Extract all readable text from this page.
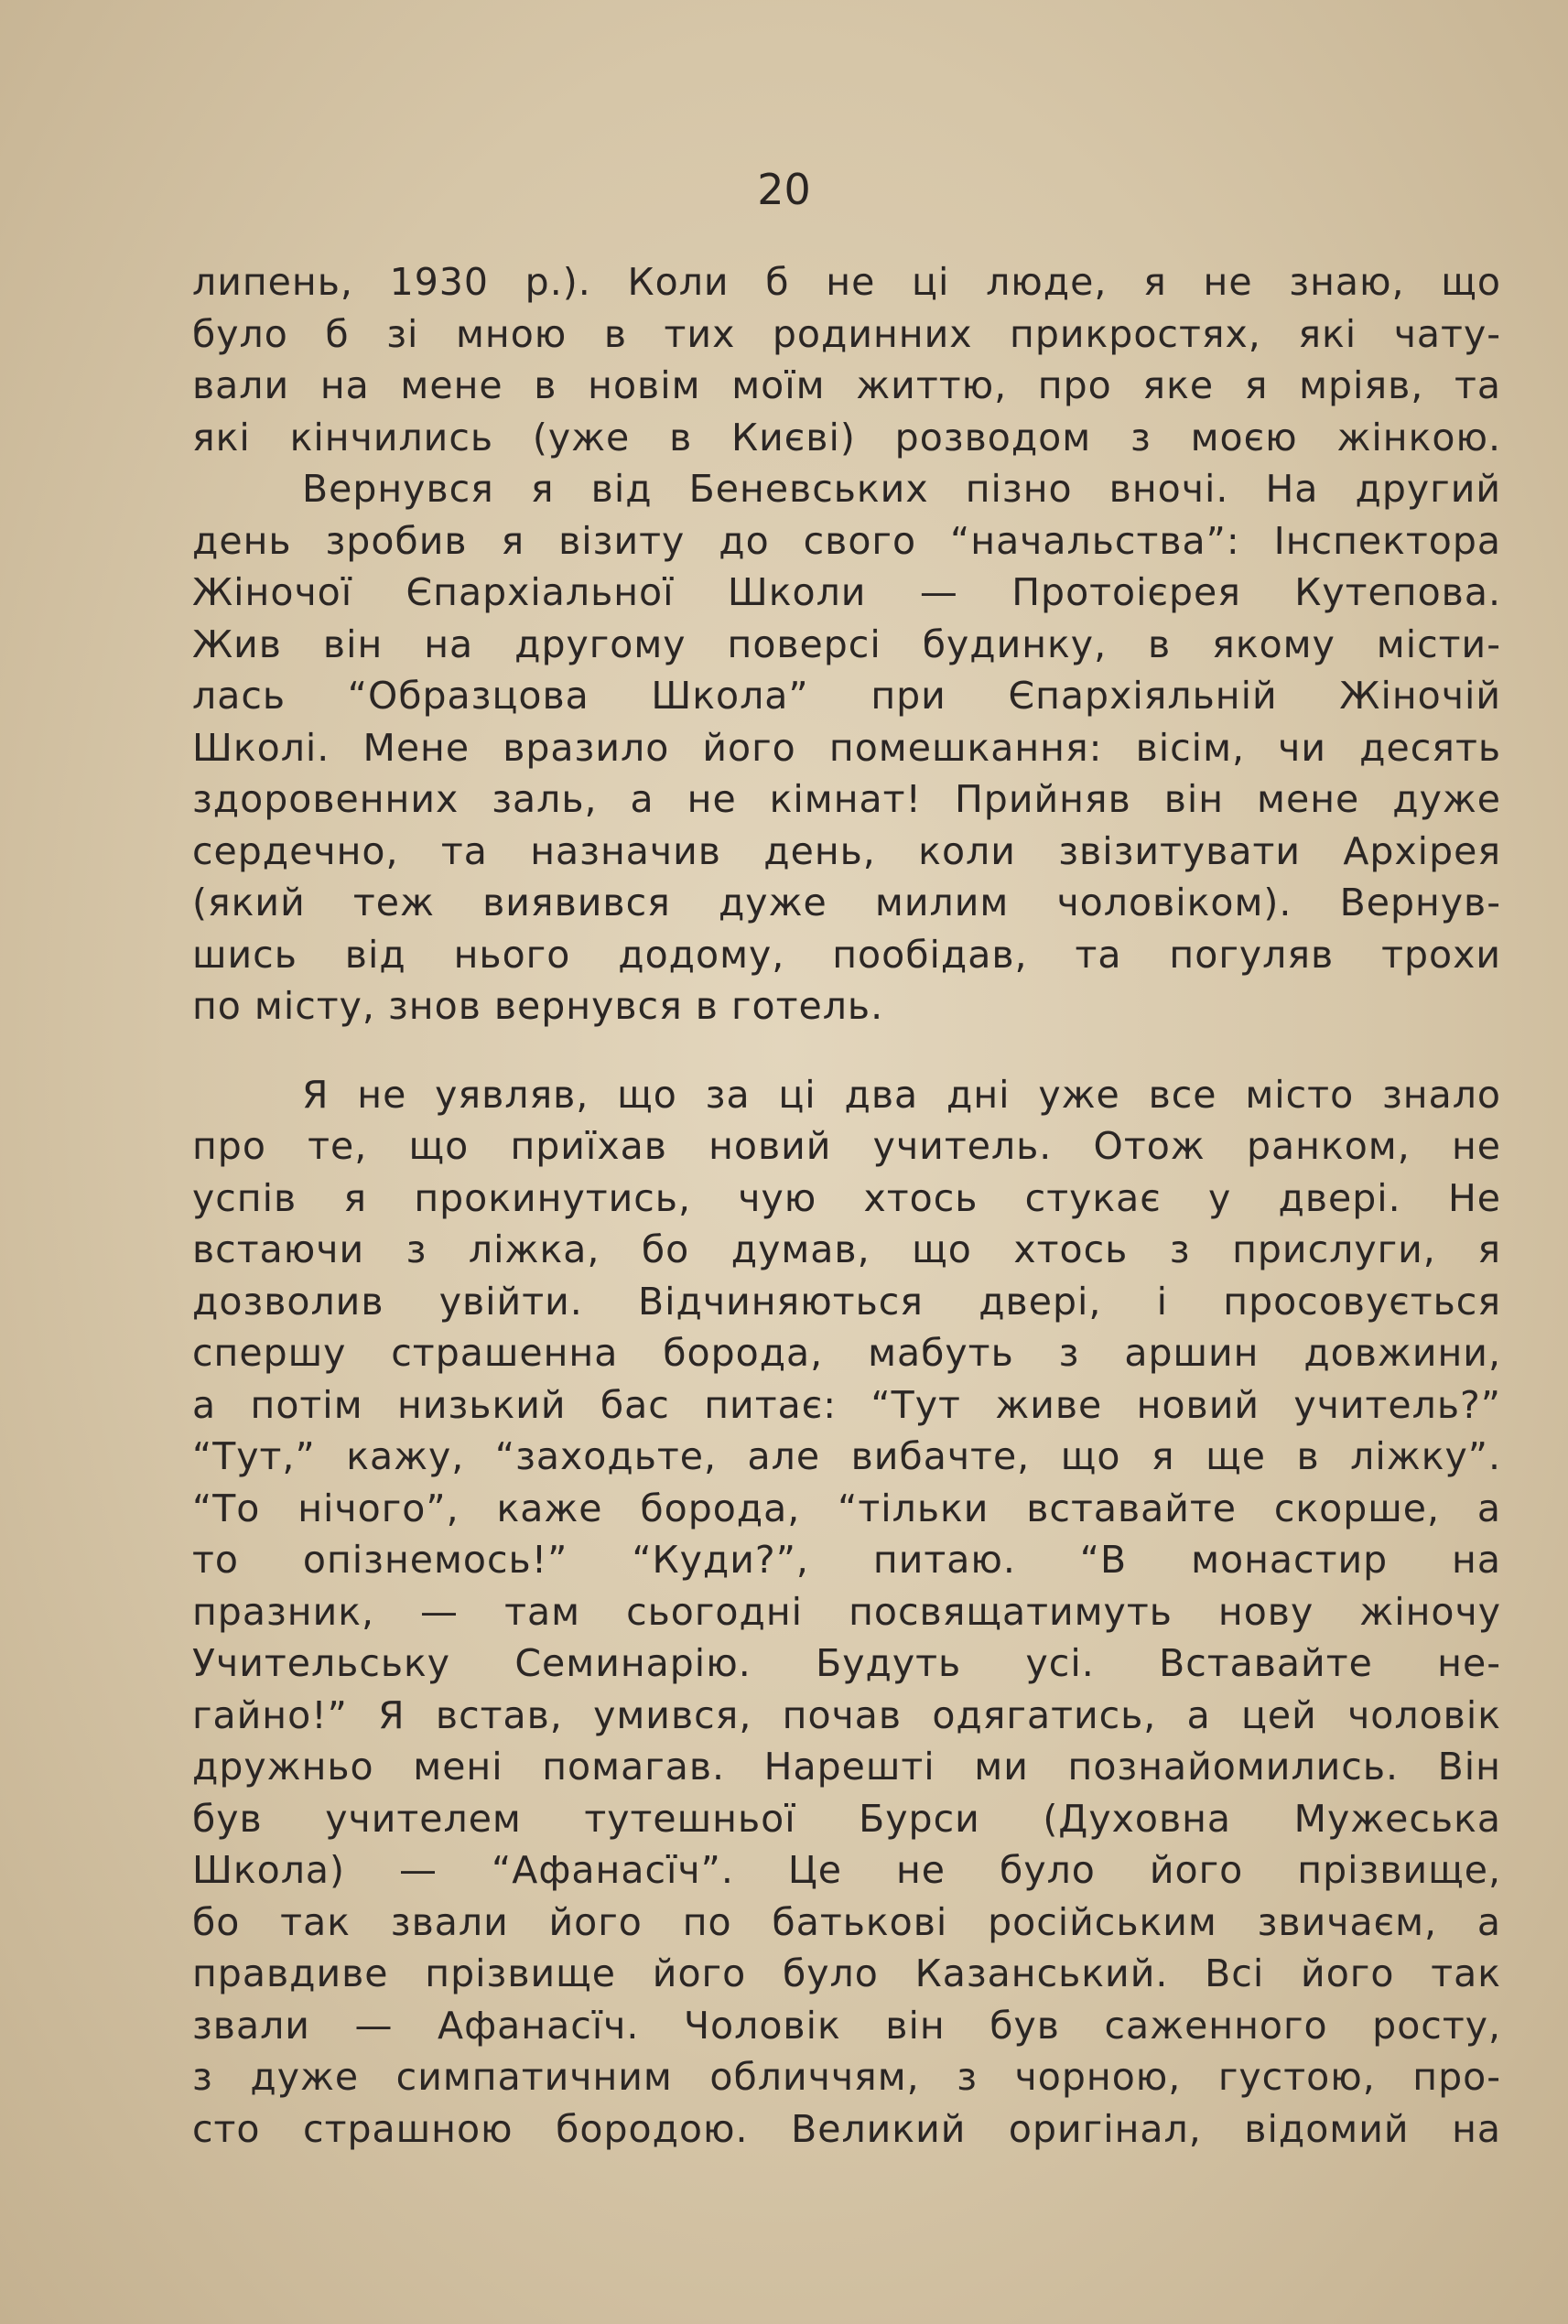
20
липень, 1930 р.). Коли б не ці люде, я не знаю, що
було б зі мною в тих родинних прикростях, які чату-
вали на мене в новім моїм життю, про яке я мріяв, та
які кінчились (уже в Києві) розводом з моєю жінкою.
Вернувся я від Беневських пізно вночі. На другий
день зробив я візиту до свого “начальства”: Інспектора
Жіночої Єпархіальної Школи — Протоієрея Кутепова.
Жив він на другому поверсі будинку, в якому місти-
лась “Образцова Школа” при Єпархіяльній Жіночій
Школі. Мене вразило його помешкання: вісім, чи десять
здоровенних заль, а не кімнат! Прийняв він мене дуже
сердечно, та назначив день, коли звізитувати Архірея
(який теж виявився дуже милим чоловіком). Вернув-
шись від нього додому, пообідав, та погуляв трохи
по місту, знов вернувся в готель.
Я не уявляв, що за ці два дні уже все місто знало
про те, що приїхав новий учитель. Отож ранком, не
успів я прокинутись, чую хтось стукає у двері. Не
встаючи з ліжка, бо думав, що хтось з прислуги, я
дозволив увійти. Відчиняються двері, і просовується
спершу страшенна борода, мабуть з аршин довжини,
а потім низький бас питає: “Тут живе новий учитель?”
“Тут,” кажу, “заходьте, але вибачте, що я ще в ліжку”.
“То нічого”, каже борода, “тільки вставайте скорше, а
то опізнемось!” “Куди?”, питаю. “В монастир на
празник, — там сьогодні посвящатимуть нову жіночу
Учительську Семинарію. Будуть усі. Вставайте не-
гайно!” Я встав, умився, почав одягатись, а цей чоловік
дружньо мені помагав. Нарешті ми познайомились. Він
був учителем тутешньої Бурси (Духовна Мужеська
Школа) — “Афанасїч”. Це не було його прізвище,
бо так звали його по батькові російським звичаєм, а
правдиве прізвище його було Казанський. Всі його так
звали — Афанасїч. Чоловік він був саженного росту,
з дуже симпатичним обличчям, з чорною, густою, про-
сто страшною бородою. Великий оригінал, відомий на
